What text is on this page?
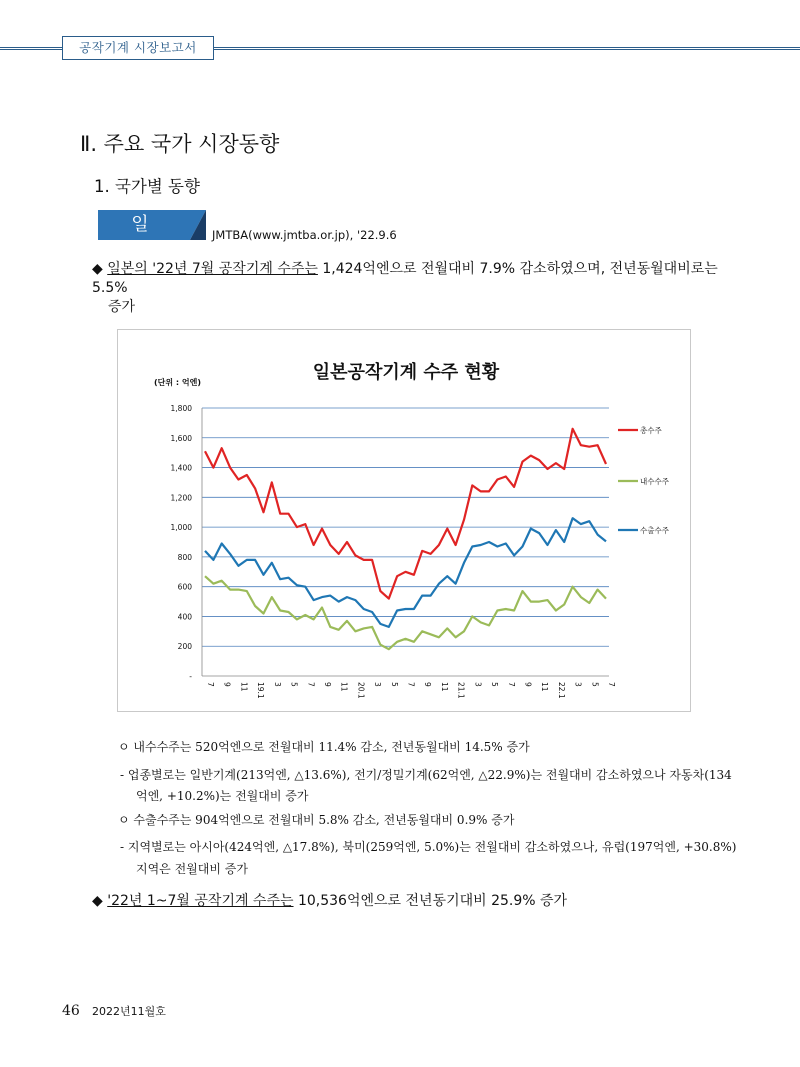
공작기계 시장보고서
Ⅱ. 주요 국가 시장동향
1. 국가별 동향
일 본
JMTBA(www.jmtba.or.jp), '22.9.6
◆ 일본의 '22년 7월 공작기계 수주는 1,424억엔으로 전월대비 7.9% 감소하였으며, 전년동월대비로는 5.5%
증가
일본공작기계 수주 현황
(단위 : 억엔)
-
200
400
600
800
1,000
1,200
1,400
1,600
1,800
7 9 11 19.1 3 5 7 9 11 20.1 3 5 7 9 11 21.1 3 5 7 9 11 22.1 3 5 7
총수주
내수수주
수출수주
ㅇ 내수수주는 520억엔으로 전월대비 11.4% 감소, 전년동월대비 14.5% 증가
- 업종별로는 일반기계(213억엔, △13.6%), 전기/정밀기계(62억엔, △22.9%)는 전월대비 감소하였으나 자동차(134
억엔, +10.2%)는 전월대비 증가
ㅇ 수출수주는 904억엔으로 전월대비 5.8% 감소, 전년동월대비 0.9% 증가
- 지역별로는 아시아(424억엔, △17.8%), 북미(259억엔, 5.0%)는 전월대비 감소하였으나, 유럽(197억엔, +30.8%)
지역은 전월대비 증가
◆ '22년 1~7월 공작기계 수주는 10,536억엔으로 전년동기대비 25.9% 증가
46 2022년11월호
